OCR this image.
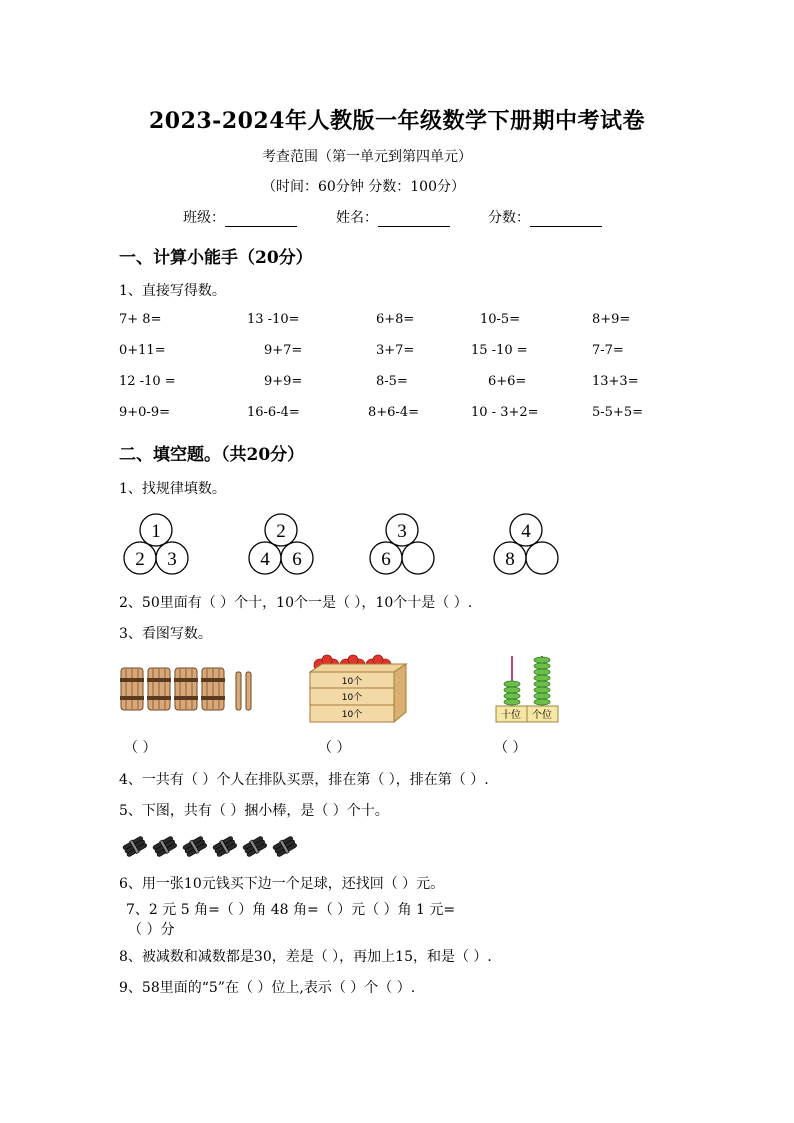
2023-2024年人教版一年级数学下册期中考试卷
考查范围（第一单元到第四单元）
（时间：60分钟 分数：100分）
班级：	姓名：	分数：
一、计算小能手（20分）
1、直接写得数。
7+ 8=	13 -10=	6+8=	10-5=	8+9=
0+11=	9+7=	3+7=	15 -10 =	7-7=
12 -10 =	9+9=	8-5=	6+6=	13+3=
9+0-9=	16-6-4=	8+6-4=	10 - 3+2=	5-5+5=
二、填空题。（共20分）
1、找规律填数。
1
2 3
2
4 6
3
6
4
8
2、50里面有（ ）个十，10个一是（ ），10个十是（ ）.
3、看图写数。
10个
10个
10个	十位 个位
（ ）	（ ）	（ ）
4、一共有（ ）个人在排队买票，排在第（ ），排在第（ ）.
5、下图，共有（ ）捆小棒，是（ ）个十。
6、用一张10元钱买下边一个足球，还找回（ ）元。
7、2 元 5 角=（ ）角 48 角=（ ）元（ ）角 1 元=
（ ）分
8、被减数和减数都是30，差是（ ），再加上15，和是（ ）.
9、58里面的“5”在（ ）位上,表示（ ）个（ ）.
